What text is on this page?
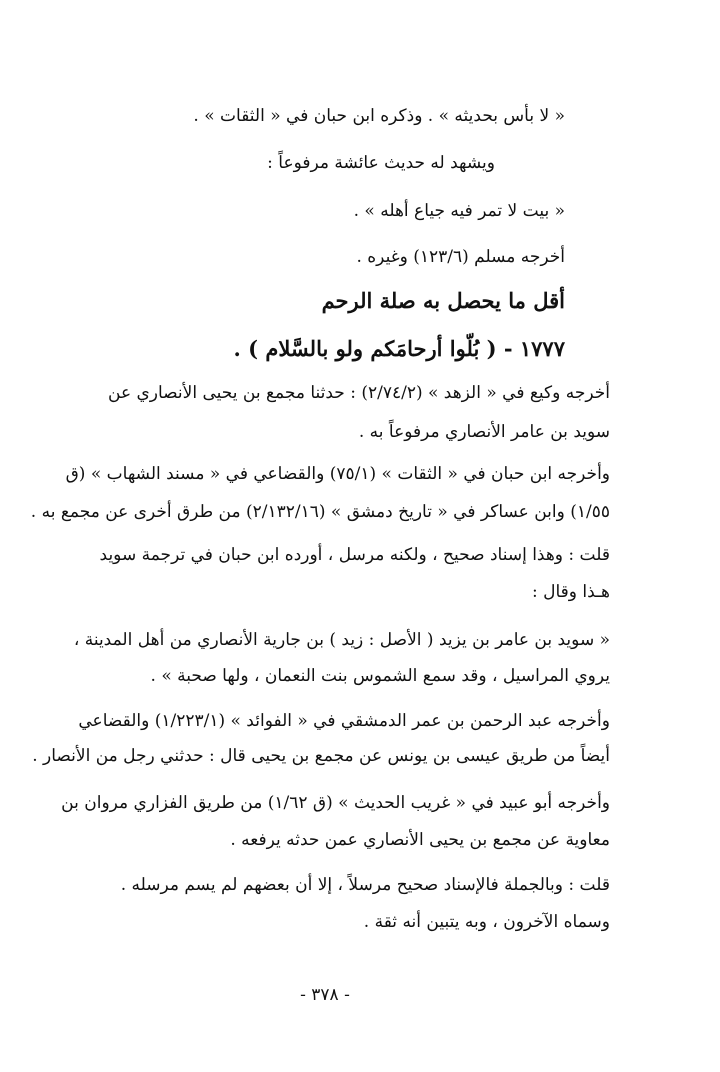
« لا بأس بحديثه » . وذكره ابن حبان في « الثقات » .

ويشهد له حديث عائشة مرفوعاً :

« بيت لا تمر فيه جياع أهله » .

أخرجه مسلم (١٢٣/٦) وغيره .

أقل ما يحصل به صلة الرحم

١٧٧٧ - ( بُلّوا أرحامَكم ولو بالسَّلام ) .

أخرجه وكيع في « الزهد » (٢/٧٤/٢) : حدثنا مجمع بن يحيى الأنصاري عن

سويد بن عامر الأنصاري مرفوعاً به .

وأخرجه ابن حبان في « الثقات » (٧٥/١) والقضاعي في « مسند الشهاب » (ق

١/٥٥) وابن عساكر في « تاريخ دمشق » (٢/١٣٢/١٦) من طرق أخرى عن مجمع به .

قلت : وهذا إسناد صحيح ، ولكنه مرسل ، أورده ابن حبان في ترجمة سويد

هـذا وقال :

« سويد بن عامر بن يزيد ( الأصل : زيد ) بن جارية الأنصاري من أهل المدينة ،

يروي المراسيل ، وقد سمع الشموس بنت النعمان ، ولها صحبة » .

وأخرجه عبد الرحمن بن عمر الدمشقي في « الفوائد » (١/٢٢٣/١) والقضاعي

أيضاً من طريق عيسى بن يونس عن مجمع بن يحيى قال : حدثني رجل من الأنصار .

وأخرجه أبو عبيد في « غريب الحديث » (ق ١/٦٢) من طريق الفزاري مروان بن

معاوية عن مجمع بن يحيى الأنصاري عمن حدثه يرفعه .

قلت : وبالجملة فالإسناد صحيح مرسلاً ، إلا أن بعضهم لم يسم مرسله .

وسماه الآخرون ، وبه يتبين أنه ثقة .

- ٣٧٨ -
